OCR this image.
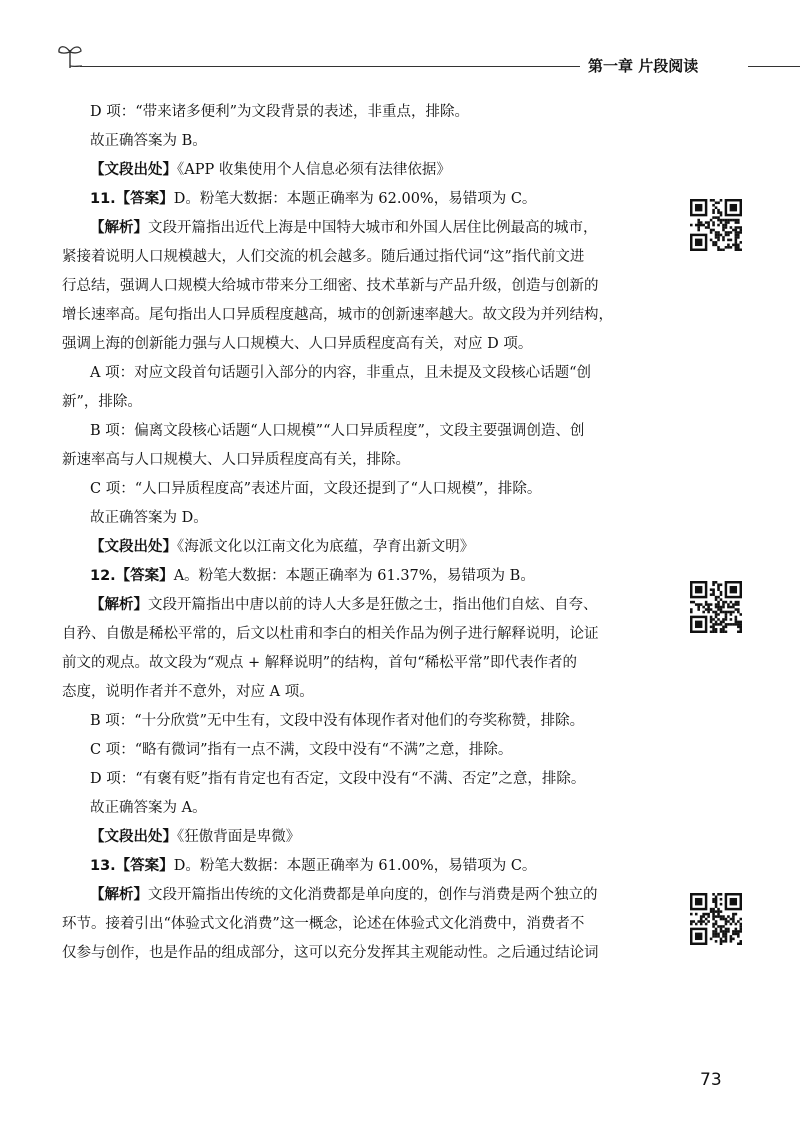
第一章 片段阅读

D 项：“带来诸多便利”为文段背景的表述，非重点，排除。

故正确答案为 B。

【文段出处】《APP 收集使用个人信息必须有法律依据》

11.【答案】D。粉笔大数据：本题正确率为 62.00%，易错项为 C。

【解析】文段开篇指出近代上海是中国特大城市和外国人居住比例最高的城市，

紧接着说明人口规模越大，人们交流的机会越多。随后通过指代词“这”指代前文进

行总结，强调人口规模大给城市带来分工细密、技术革新与产品升级，创造与创新的

增长速率高。尾句指出人口异质程度越高，城市的创新速率越大。故文段为并列结构，

强调上海的创新能力强与人口规模大、人口异质程度高有关，对应 D 项。

A 项：对应文段首句话题引入部分的内容，非重点，且未提及文段核心话题“创

新”，排除。

B 项：偏离文段核心话题“人口规模”“人口异质程度”，文段主要强调创造、创

新速率高与人口规模大、人口异质程度高有关，排除。

C 项：“人口异质程度高”表述片面，文段还提到了“人口规模”，排除。

故正确答案为 D。

【文段出处】《海派文化以江南文化为底蕴，孕育出新文明》

12.【答案】A。粉笔大数据：本题正确率为 61.37%，易错项为 B。

【解析】文段开篇指出中唐以前的诗人大多是狂傲之士，指出他们自炫、自夸、

自矜、自傲是稀松平常的，后文以杜甫和李白的相关作品为例子进行解释说明，论证

前文的观点。故文段为“观点 + 解释说明”的结构，首句“稀松平常”即代表作者的

态度，说明作者并不意外，对应 A 项。

B 项：“十分欣赏”无中生有，文段中没有体现作者对他们的夸奖称赞，排除。

C 项：“略有微词”指有一点不满，文段中没有“不满”之意，排除。

D 项：“有褒有贬”指有肯定也有否定，文段中没有“不满、否定”之意，排除。

故正确答案为 A。

【文段出处】《狂傲背面是卑微》

13.【答案】D。粉笔大数据：本题正确率为 61.00%，易错项为 C。

【解析】文段开篇指出传统的文化消费都是单向度的，创作与消费是两个独立的

环节。接着引出“体验式文化消费”这一概念，论述在体验式文化消费中，消费者不

仅参与创作，也是作品的组成部分，这可以充分发挥其主观能动性。之后通过结论词

73
